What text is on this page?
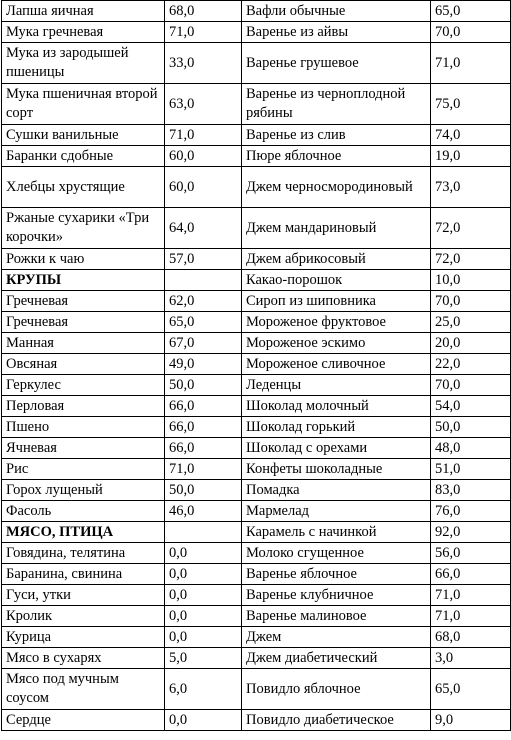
Лапша яичная	68,0	Вафли обычные	65,0
Мука гречневая	71,0	Варенье из айвы	70,0
Мука из зародышей пшеницы	33,0	Варенье грушевое	71,0
Мука пшеничная второй сорт	63,0	Варенье из черноплодной рябины	75,0
Сушки ванильные	71,0	Варенье из слив	74,0
Баранки сдобные	60,0	Пюре яблочное	19,0
Хлебцы хрустящие	60,0	Джем черносмородиновый	73,0
Ржаные сухарики «Три корочки»	64,0	Джем мандариновый	72,0
Рожки к чаю	57,0	Джем абрикосовый	72,0
КРУПЫ		Какао-порошок	10,0
Гречневая	62,0	Сироп из шиповника	70,0
Гречневая	65,0	Мороженое фруктовое	25,0
Манная	67,0	Мороженое эскимо	20,0
Овсяная	49,0	Мороженое сливочное	22,0
Геркулес	50,0	Леденцы	70,0
Перловая	66,0	Шоколад молочный	54,0
Пшено	66,0	Шоколад горький	50,0
Ячневая	66,0	Шоколад с орехами	48,0
Рис	71,0	Конфеты шоколадные	51,0
Горох лущеный	50,0	Помадка	83,0
Фасоль	46,0	Мармелад	76,0
МЯСО, ПТИЦА		Карамель с начинкой	92,0
Говядина, телятина	0,0	Молоко сгущенное	56,0
Баранина, свинина	0,0	Варенье яблочное	66,0
Гуси, утки	0,0	Варенье клубничное	71,0
Кролик	0,0	Варенье малиновое	71,0
Курица	0,0	Джем	68,0
Мясо в сухарях	5,0	Джем диабетический	3,0
Мясо под мучным соусом	6,0	Повидло яблочное	65,0
Сердце	0,0	Повидло диабетическое	9,0
